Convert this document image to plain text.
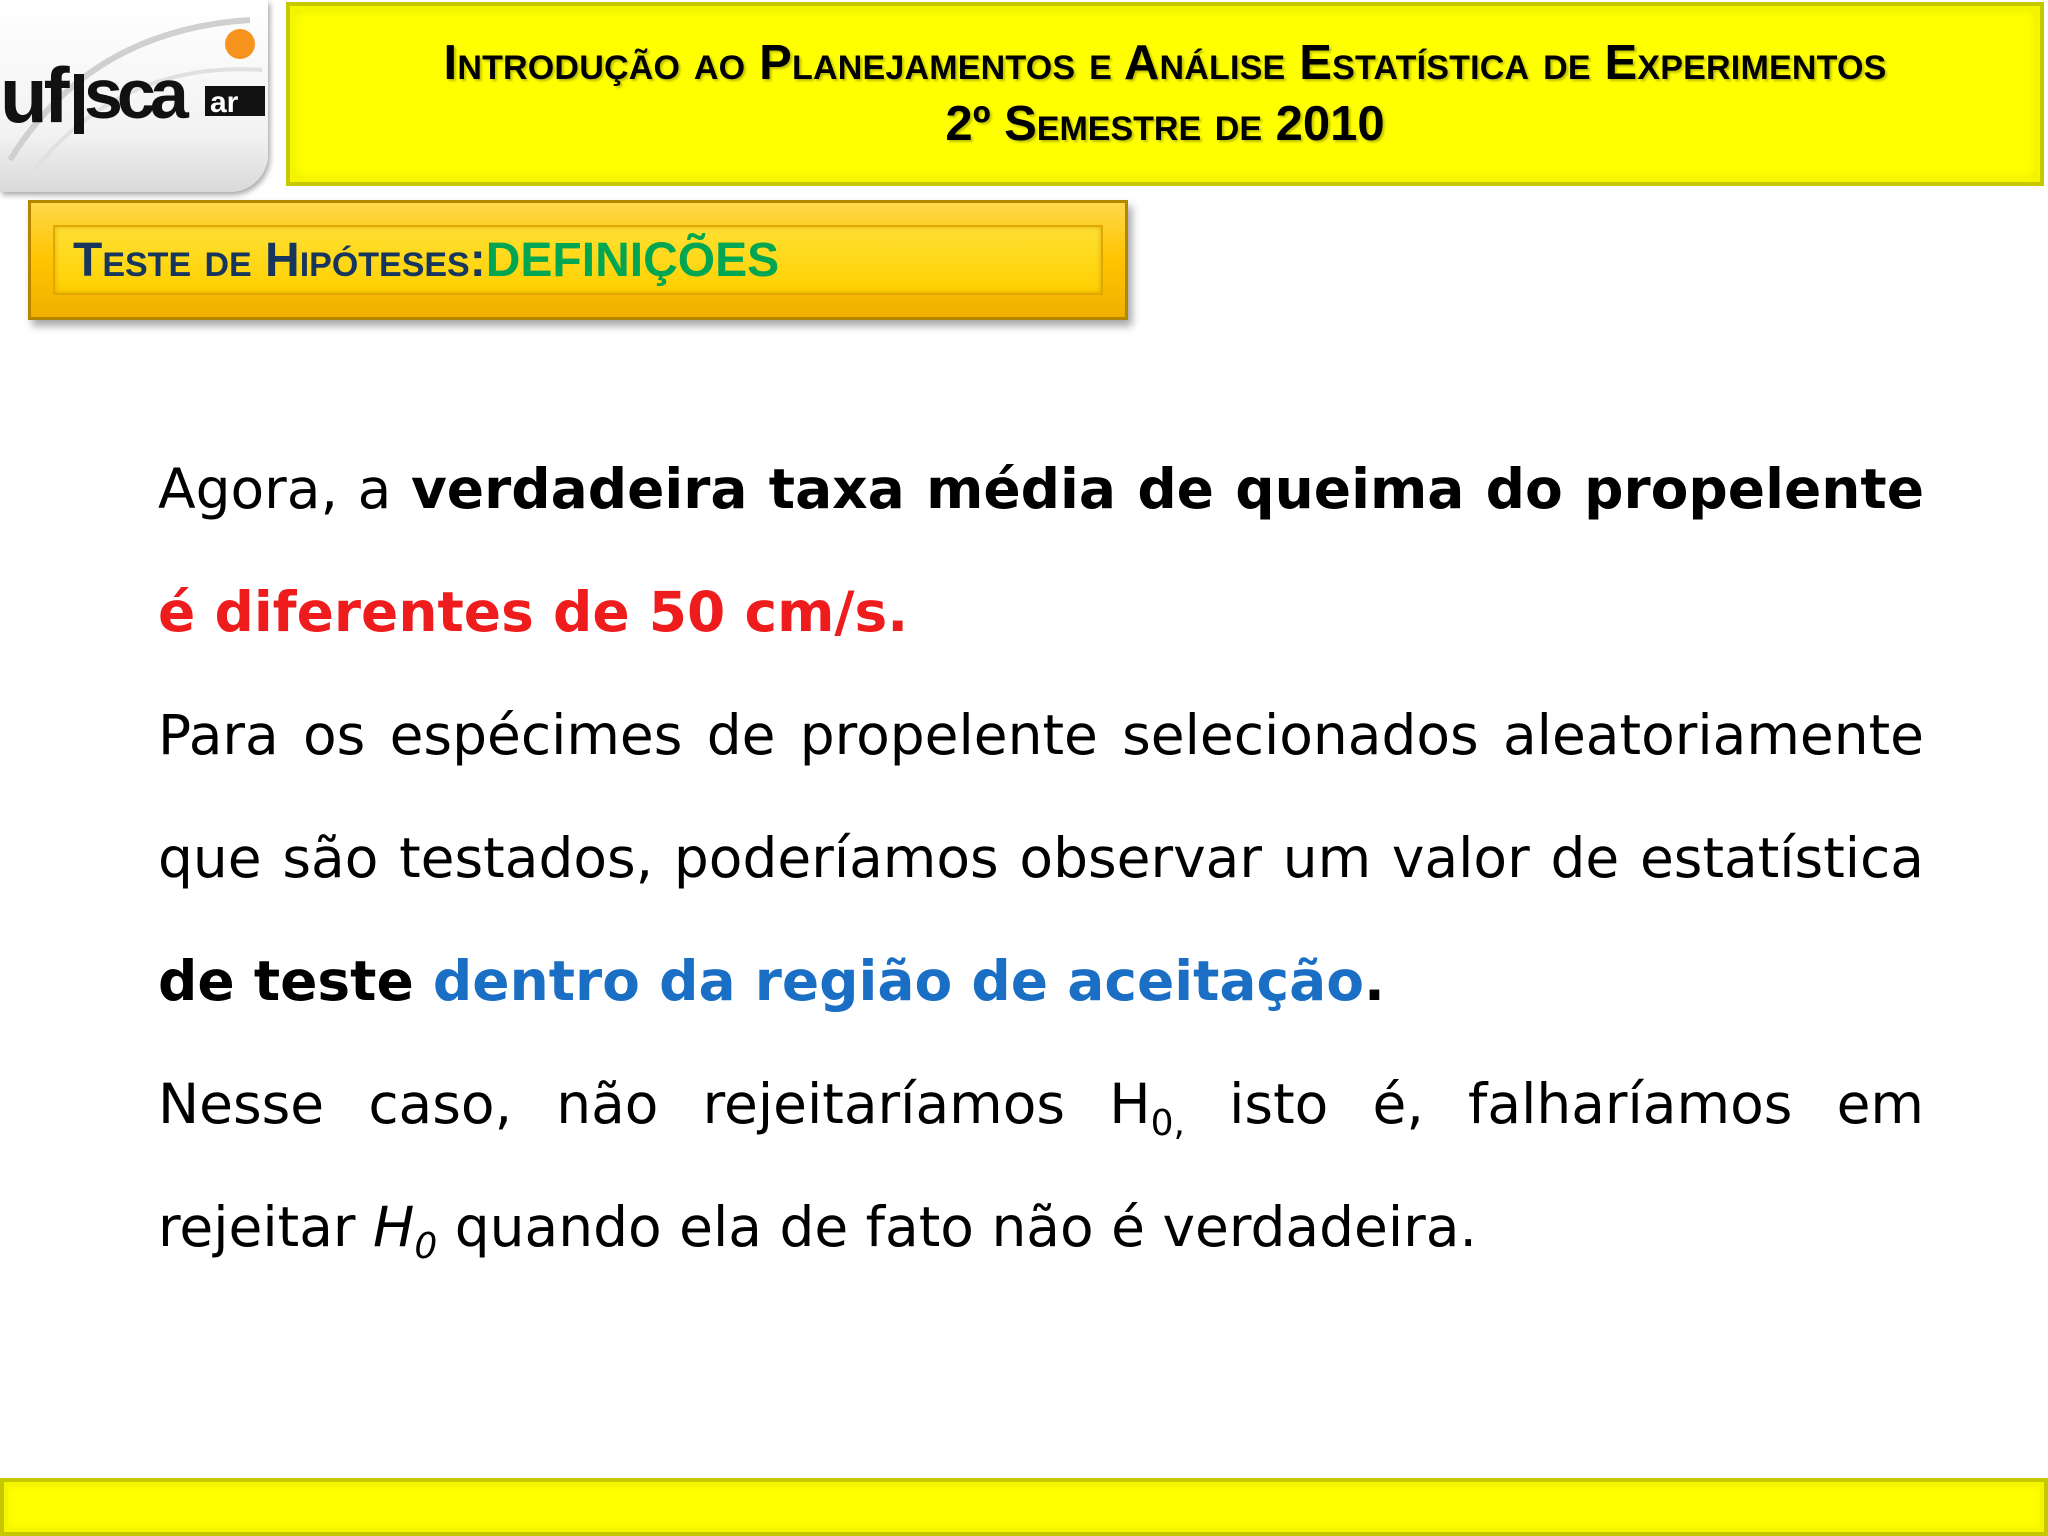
uf sca ar
Introdução ao Planejamentos e Análise Estatística de Experimentos
2º Semestre de 2010
Teste de Hipóteses: DEFINIÇÕES

Agora, a verdadeira taxa média de queima do propelente é diferentes de 50 cm/s.

Para os espécimes de propelente selecionados aleatoriamente que são testados, poderíamos observar um valor de estatística de teste dentro da região de aceitação.

Nesse caso, não rejeitaríamos $H_{0,}$ isto é, falharíamos em rejeitar $H_0$ quando ela de fato não é verdadeira.
